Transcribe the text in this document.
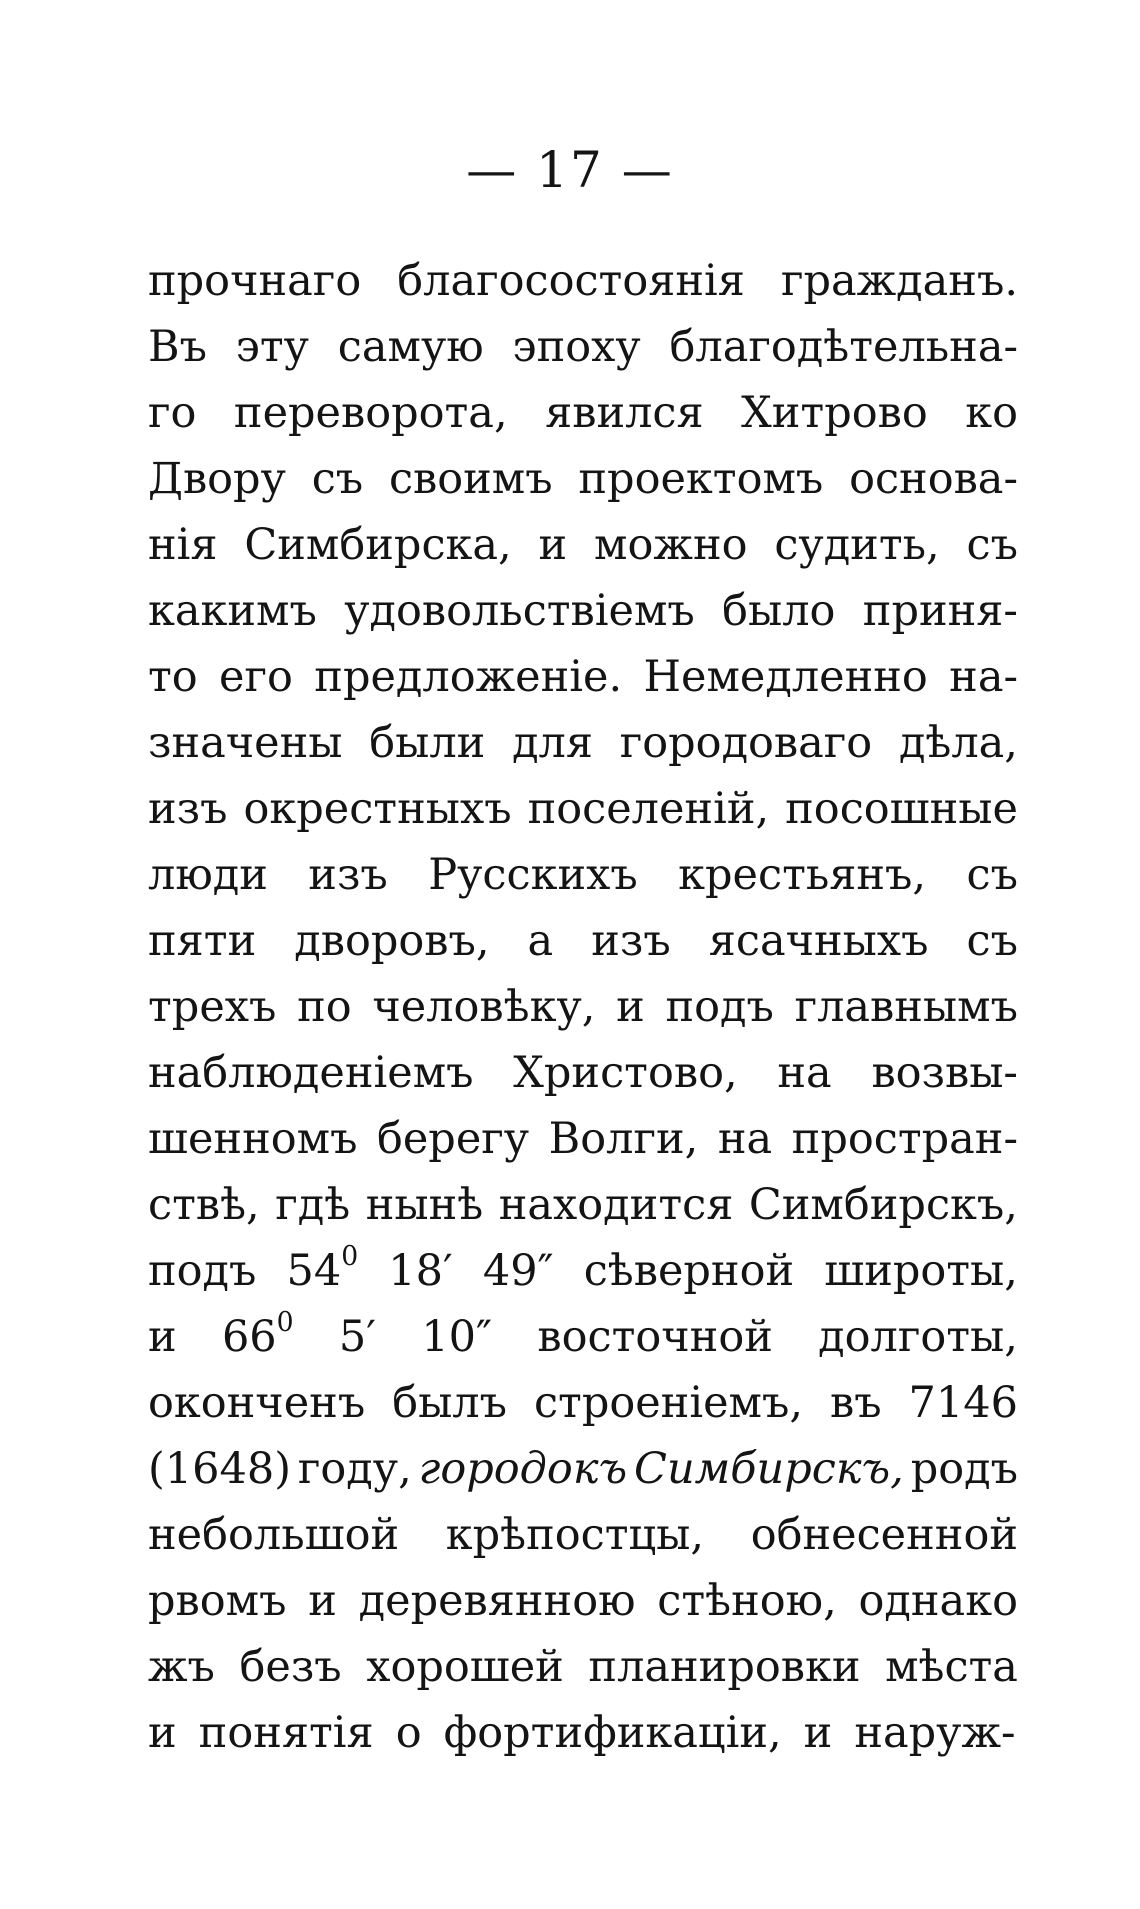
— 17 —
прочнаго благосостоянія гражданъ.
Въ эту самую эпоху благодѣтельна-
го переворота, явился Хитрово ко
Двору съ своимъ проектомъ основа-
нія Симбирска, и можно судить, съ
какимъ удовольствіемъ было приня-
то его предложеніе. Немедленно на-
значены были для городоваго дѣла,
изъ окрестныхъ поселеній, посошные
люди изъ Русскихъ крестьянъ, съ
пяти дворовъ, а изъ ясачныхъ съ
трехъ по человѣку, и подъ главнымъ
наблюденіемъ Христово, на возвы-
шенномъ берегу Волги, на простран-
ствѣ, гдѣ нынѣ находится Симбирскъ,
подъ $54^0$ 18′ 49″ сѣверной широты,
и $66^0$ 5′ 10″ восточной долготы,
оконченъ былъ строеніемъ, въ 7146
(1648) году, городокъ Симбирскъ, родъ
небольшой крѣпостцы, обнесенной
рвомъ и деревянною стѣною, однако
жъ безъ хорошей планировки мѣста
и понятія о фортификаціи, и наруж-
